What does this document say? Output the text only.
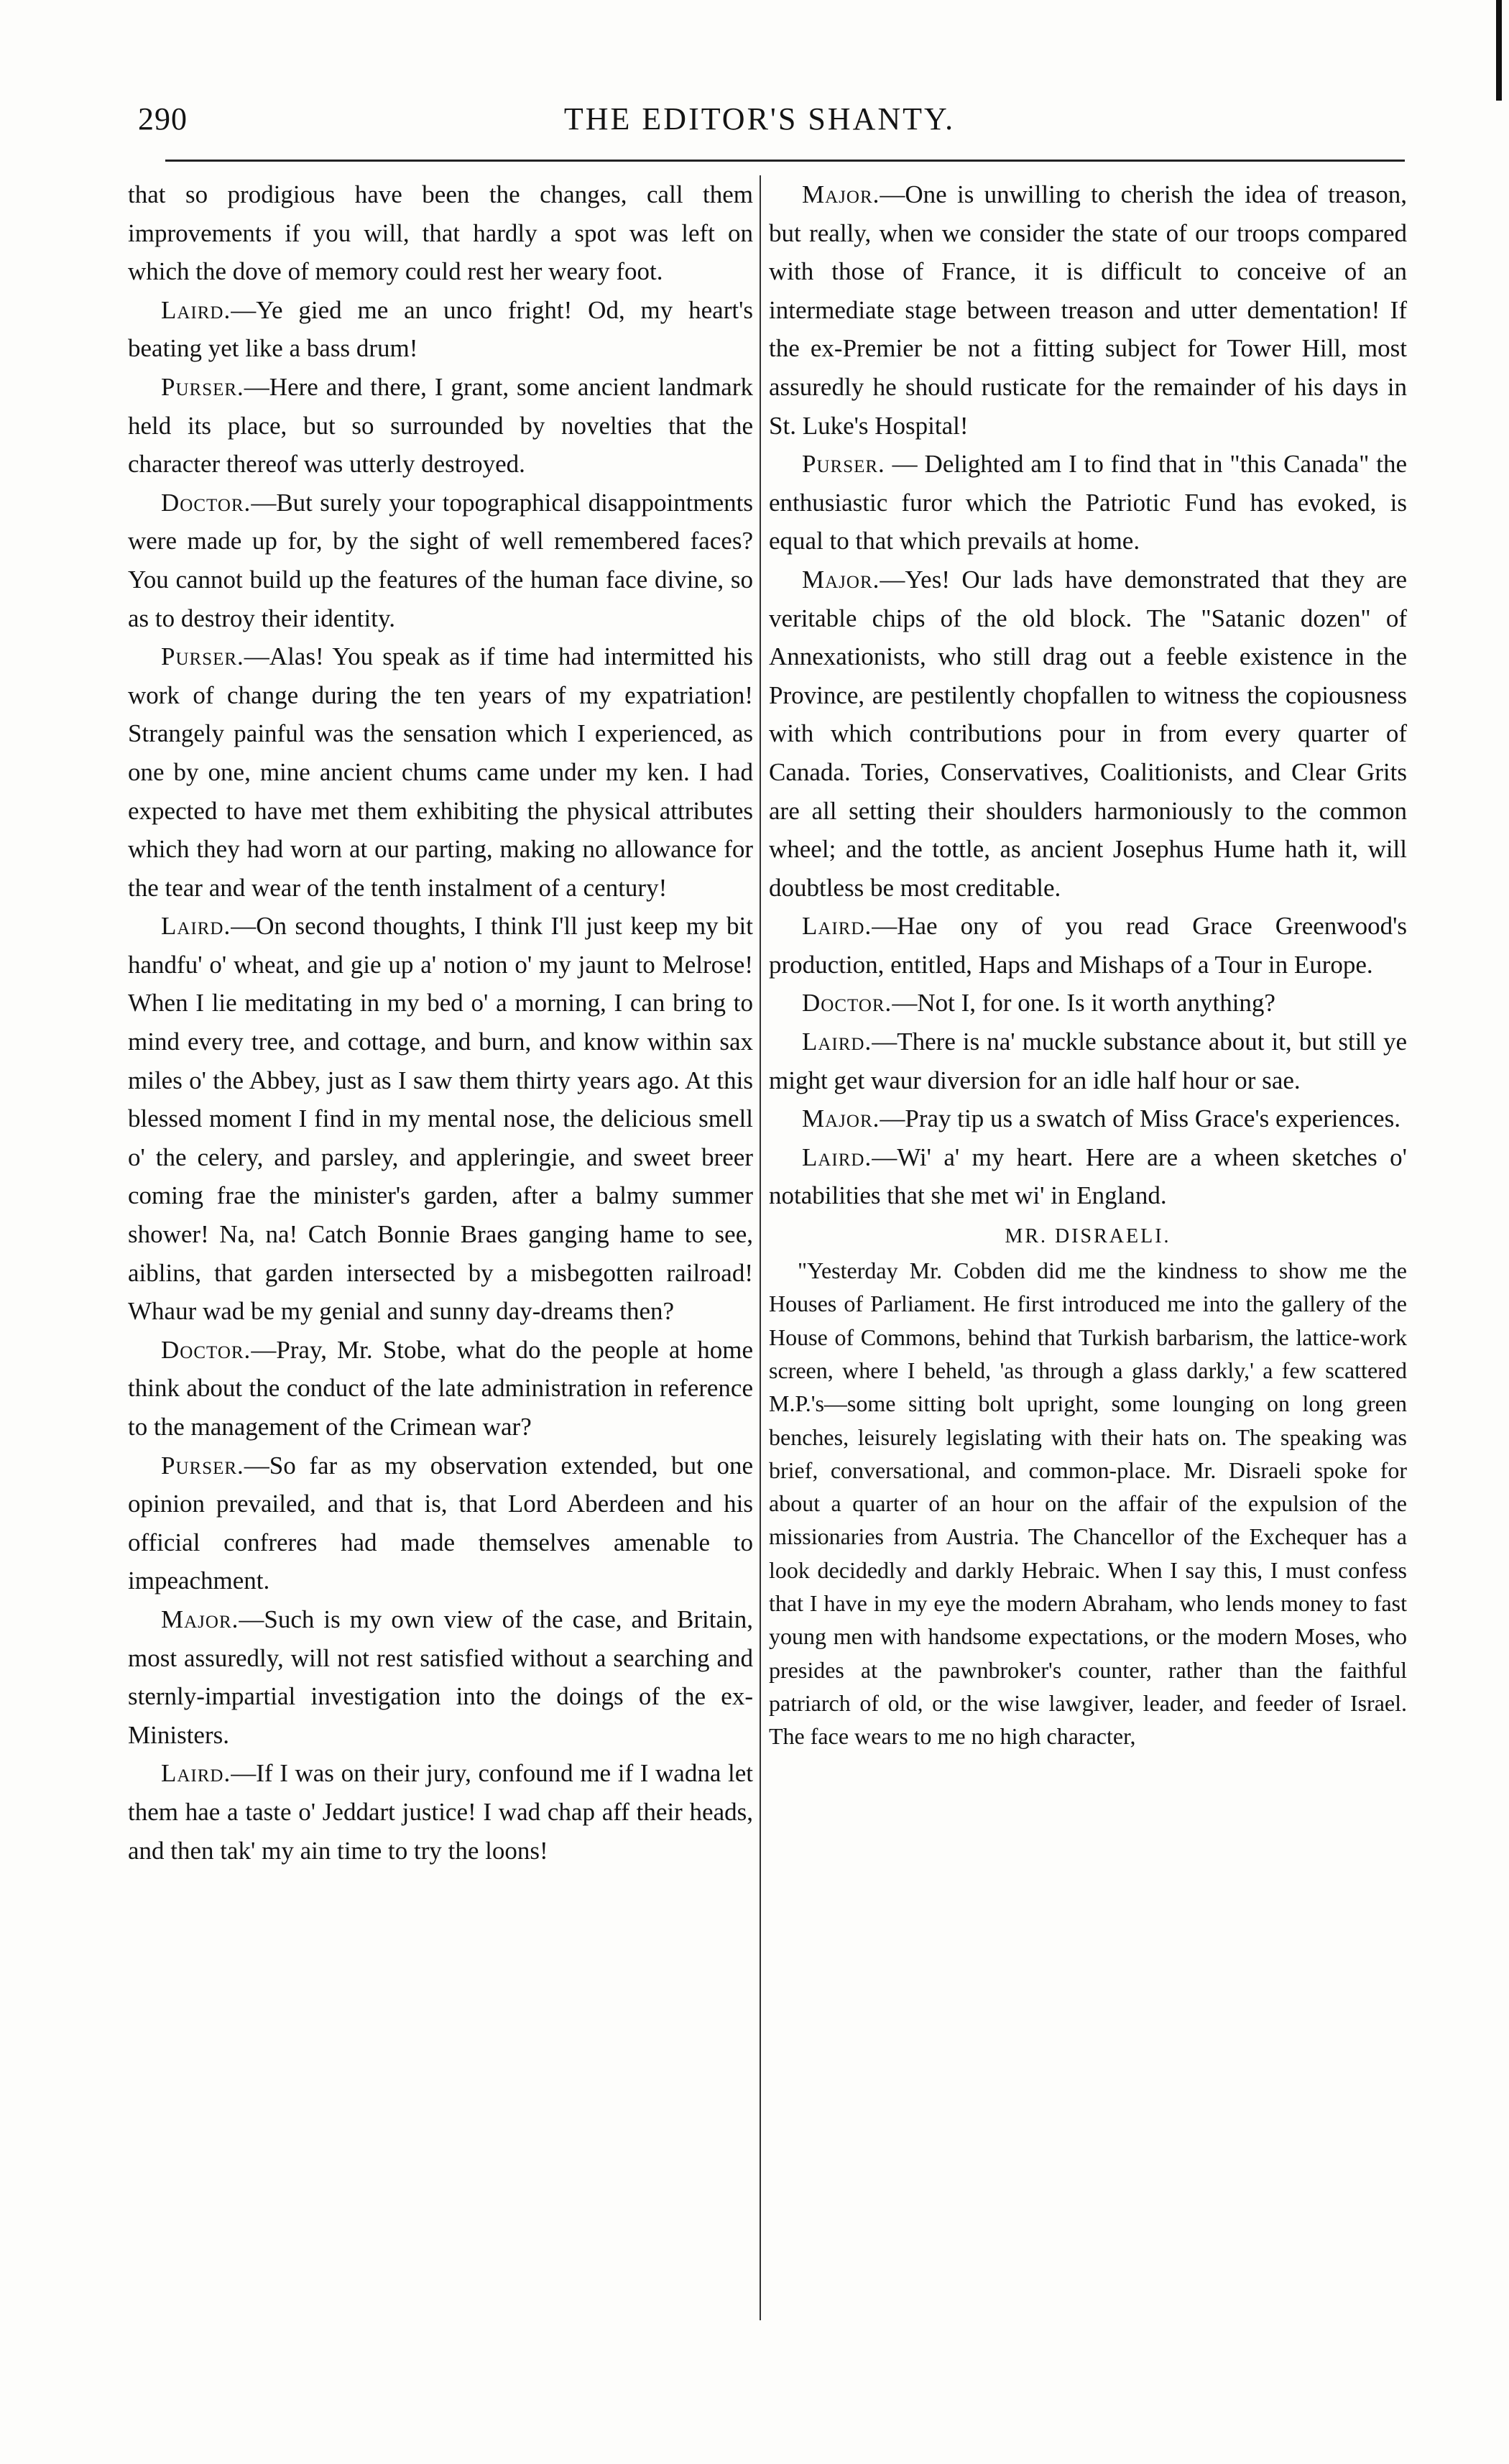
290	THE EDITOR'S SHANTY.

that so prodigious have been the changes, call them improvements if you will, that hardly a spot was left on which the dove of memory could rest her weary foot.

Laird.—Ye gied me an unco fright! Od, my heart's beating yet like a bass drum!

Purser.—Here and there, I grant, some ancient landmark held its place, but so surrounded by novelties that the character thereof was utterly destroyed.

Doctor.—But surely your topographical disappointments were made up for, by the sight of well remembered faces? You cannot build up the features of the human face divine, so as to destroy their identity.

Purser.—Alas! You speak as if time had intermitted his work of change during the ten years of my expatriation! Strangely painful was the sensation which I experienced, as one by one, mine ancient chums came under my ken. I had expected to have met them exhibiting the physical attributes which they had worn at our parting, making no allowance for the tear and wear of the tenth instalment of a century!

Laird.—On second thoughts, I think I'll just keep my bit handfu' o' wheat, and gie up a' notion o' my jaunt to Melrose! When I lie meditating in my bed o' a morning, I can bring to mind every tree, and cottage, and burn, and know within sax miles o' the Abbey, just as I saw them thirty years ago. At this blessed moment I find in my mental nose, the delicious smell o' the celery, and parsley, and appleringie, and sweet breer coming frae the minister's garden, after a balmy summer shower! Na, na! Catch Bonnie Braes ganging hame to see, aiblins, that garden intersected by a misbegotten railroad! Whaur wad be my genial and sunny day-dreams then?

Doctor.—Pray, Mr. Stobe, what do the people at home think about the conduct of the late administration in reference to the management of the Crimean war?

Purser.—So far as my observation extended, but one opinion prevailed, and that is, that Lord Aberdeen and his official confreres had made themselves amenable to impeachment.

Major.—Such is my own view of the case, and Britain, most assuredly, will not rest satisfied without a searching and sternly-impartial investigation into the doings of the ex-Ministers.

Laird.—If I was on their jury, confound me if I wadna let them hae a taste o' Jeddart justice! I wad chap aff their heads, and then tak' my ain time to try the loons!

Major.—One is unwilling to cherish the idea of treason, but really, when we consider the state of our troops compared with those of France, it is difficult to conceive of an intermediate stage between treason and utter dementation! If the ex-Premier be not a fitting subject for Tower Hill, most assuredly he should rusticate for the remainder of his days in St. Luke's Hospital!

Purser. — Delighted am I to find that in "this Canada" the enthusiastic furor which the Patriotic Fund has evoked, is equal to that which prevails at home.

Major.—Yes! Our lads have demonstrated that they are veritable chips of the old block. The "Satanic dozen" of Annexationists, who still drag out a feeble existence in the Province, are pestilently chopfallen to witness the copiousness with which contributions pour in from every quarter of Canada. Tories, Conservatives, Coalitionists, and Clear Grits are all setting their shoulders harmoniously to the common wheel; and the tottle, as ancient Josephus Hume hath it, will doubtless be most creditable.

Laird.—Hae ony of you read Grace Greenwood's production, entitled, Haps and Mishaps of a Tour in Europe.

Doctor.—Not I, for one. Is it worth anything?

Laird.—There is na' muckle substance about it, but still ye might get waur diversion for an idle half hour or sae.

Major.—Pray tip us a swatch of Miss Grace's experiences.

Laird.—Wi' a' my heart. Here are a wheen sketches o' notabilities that she met wi' in England.

MR. DISRAELI.

"Yesterday Mr. Cobden did me the kindness to show me the Houses of Parliament. He first introduced me into the gallery of the House of Commons, behind that Turkish barbarism, the lattice-work screen, where I beheld, 'as through a glass darkly,' a few scattered M.P.'s—some sitting bolt upright, some lounging on long green benches, leisurely legislating with their hats on. The speaking was brief, conversational, and common-place. Mr. Disraeli spoke for about a quarter of an hour on the affair of the expulsion of the missionaries from Austria. The Chancellor of the Exchequer has a look decidedly and darkly Hebraic. When I say this, I must confess that I have in my eye the modern Abraham, who lends money to fast young men with handsome expectations, or the modern Moses, who presides at the pawnbroker's counter, rather than the faithful patriarch of old, or the wise lawgiver, leader, and feeder of Israel. The face wears to me no high character,
